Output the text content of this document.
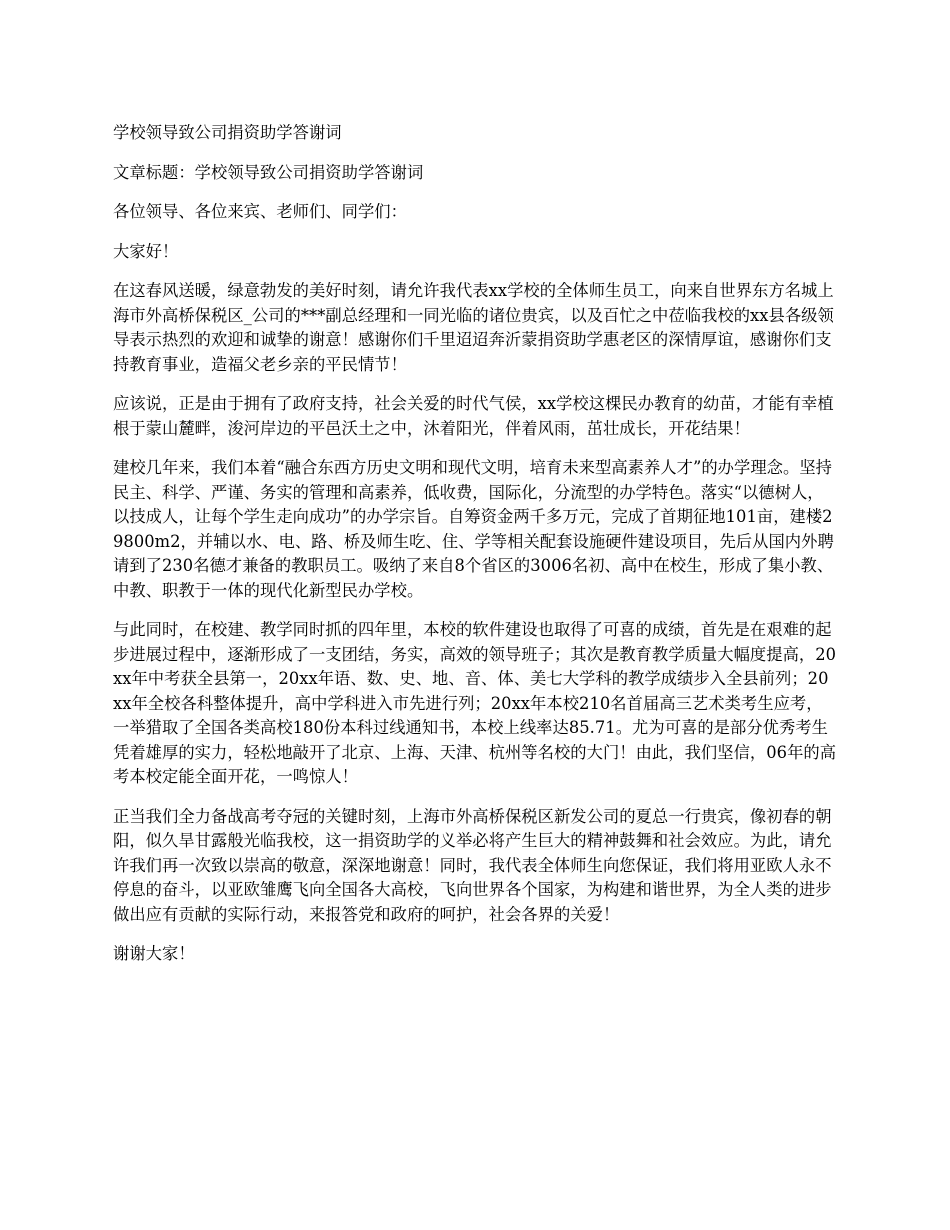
学校领导致公司捐资助学答谢词

文章标题：学校领导致公司捐资助学答谢词

各位领导、各位来宾、老师们、同学们：

大家好！

在这春风送暖，绿意勃发的美好时刻，请允许我代表xx学校的全体师生员工，向来自世界东方名城上海市外高桥保税区_公司的***副总经理和一同光临的诸位贵宾，以及百忙之中莅临我校的xx县各级领导表示热烈的欢迎和诚挚的谢意！感谢你们千里迢迢奔沂蒙捐资助学惠老区的深情厚谊，感谢你们支持教育事业，造福父老乡亲的平民情节！

应该说，正是由于拥有了政府支持，社会关爱的时代气侯，xx学校这棵民办教育的幼苗，才能有幸植根于蒙山麓畔，浚河岸边的平邑沃土之中，沐着阳光，伴着风雨，茁壮成长，开花结果！

建校几年来，我们本着“融合东西方历史文明和现代文明，培育未来型高素养人才”的办学理念。坚持民主、科学、严谨、务实的管理和高素养，低收费，国际化，分流型的办学特色。落实“以德树人，以技成人，让每个学生走向成功”的办学宗旨。自筹资金两千多万元，完成了首期征地101亩，建楼29800m2，并辅以水、电、路、桥及师生吃、住、学等相关配套设施硬件建设项目，先后从国内外聘请到了230名德才兼备的教职员工。吸纳了来自8个省区的3006名初、高中在校生，形成了集小教、中教、职教于一体的现代化新型民办学校。

与此同时，在校建、教学同时抓的四年里，本校的软件建设也取得了可喜的成绩，首先是在艰难的起步进展过程中，逐渐形成了一支团结，务实，高效的领导班子；其次是教育教学质量大幅度提高，20xx年中考获全县第一，20xx年语、数、史、地、音、体、美七大学科的教学成绩步入全县前列；20xx年全校各科整体提升，高中学科进入市先进行列；20xx年本校210名首届高三艺术类考生应考，一举猎取了全国各类高校180份本科过线通知书，本校上线率达85.71。尤为可喜的是部分优秀考生凭着雄厚的实力，轻松地敲开了北京、上海、天津、杭州等名校的大门！由此，我们坚信，06年的高考本校定能全面开花，一鸣惊人！

正当我们全力备战高考夺冠的关键时刻，上海市外高桥保税区新发公司的夏总一行贵宾，像初春的朝阳，似久旱甘露般光临我校，这一捐资助学的义举必将产生巨大的精神鼓舞和社会效应。为此，请允许我们再一次致以崇高的敬意，深深地谢意！同时，我代表全体师生向您保证，我们将用亚欧人永不停息的奋斗，以亚欧雏鹰飞向全国各大高校，飞向世界各个国家，为构建和谐世界，为全人类的进步做出应有贡献的实际行动，来报答党和政府的呵护，社会各界的关爱！

谢谢大家！
